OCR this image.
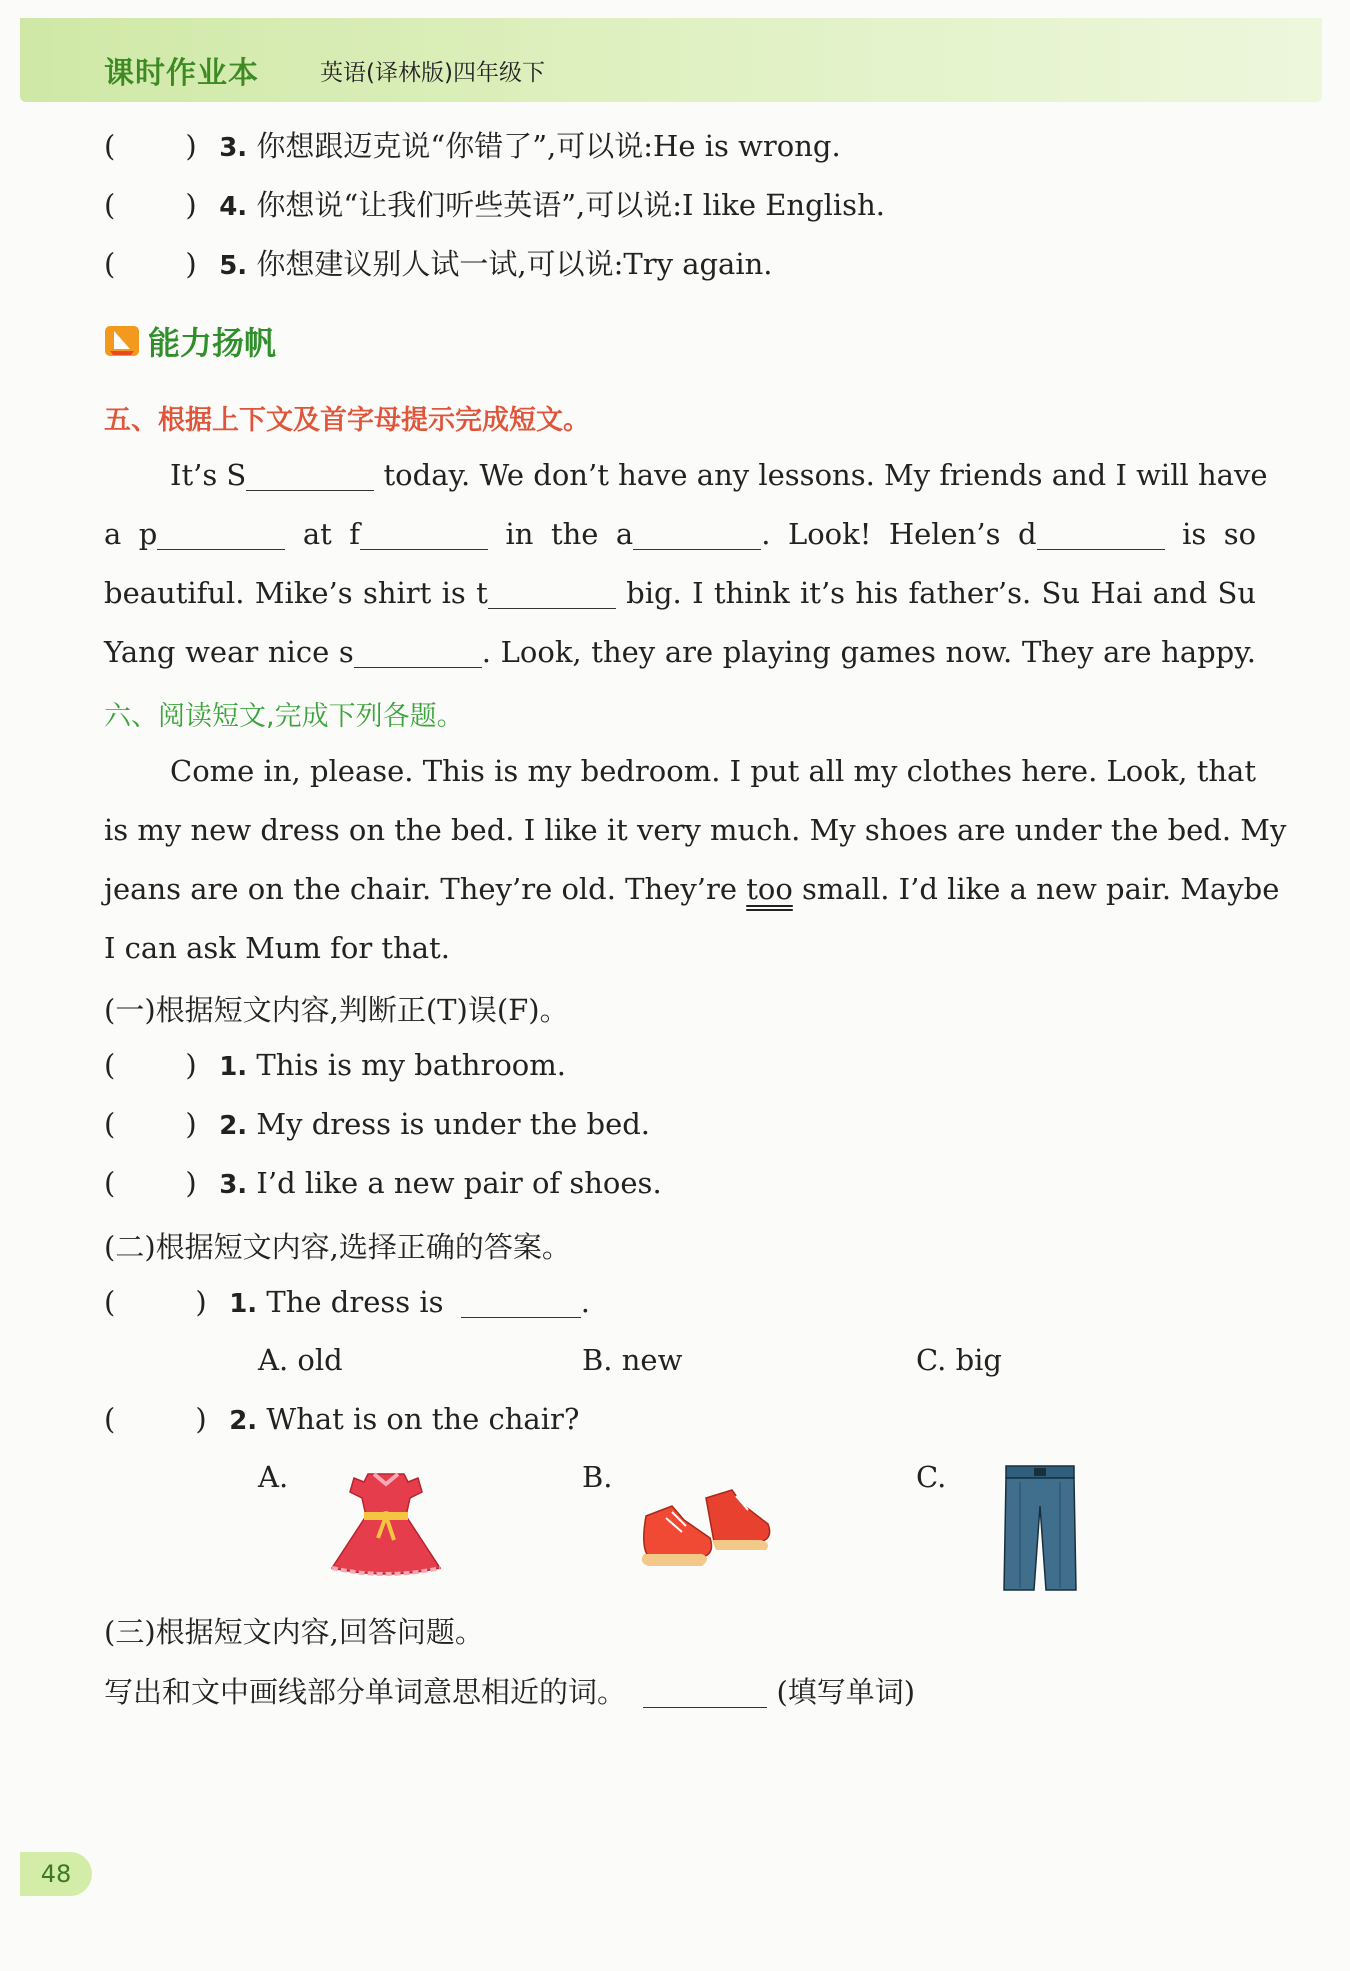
课时作业本	英语(译林版)四年级下
( ) 3. 你想跟迈克说“你错了”,可以说:He is wrong.
( ) 4. 你想说“让我们听些英语”,可以说:I like English.
( ) 5. 你想建议别人试一试,可以说:Try again.
能力扬帆
五、根据上下文及首字母提示完成短文。
It’s S	today. We don’t have any lessons. My friends and I will have
a p	at f	in the a	. Look! Helen’s d	is so
beautiful. Mike’s shirt is t	big. I think it’s his father’s. Su Hai and Su
Yang wear nice s	. Look, they are playing games now. They are happy.
六、阅读短文,完成下列各题。
Come in, please. This is my bedroom. I put all my clothes here. Look, that
is my new dress on the bed. I like it very much. My shoes are under the bed. My
jeans are on the chair. They’re old. They’re too small. I’d like a new pair. Maybe
I can ask Mum for that.
(一)根据短文内容,判断正(T)误(F)。
( ) 1. This is my bathroom.
( ) 2. My dress is under the bed.
( ) 3. I’d like a new pair of shoes.
(二)根据短文内容,选择正确的答案。
(	) 1. The dress is	.
A. old	B. new	C. big
(	) 2. What is on the chair?
A.	B.	C.
(三)根据短文内容,回答问题。
写出和文中画线部分单词意思相近的词。	(填写单词)
48
